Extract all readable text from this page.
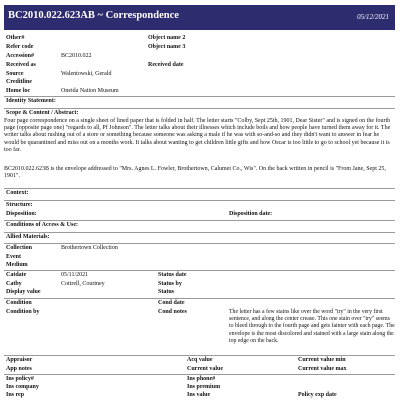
BC2010.022.623AB ~ Correspondence	05/12/2021
Other#	Object name 2
Refer code	Object name 3
Accession#	BC2010.022
Received as	Received date
Source	Walentowski, Gerald
Creditline
Home loc	Oneida Nation Museum
Identity Statement:
Scope & Content / Abstract:
Four page correspondence on a single sheet of lined paper that is folded in half. The letter starts "Colby, Sept 25th, 1901, Dear Sister" and is signed on the fourth page (opposite page one) "regards to all, Pf Johnson". The letter talks about their illnesses which include boils and how people have turned them away for it. The writer talks about rushing out of a store or something because someone was asking a male if he was with so-and-so and they didn't want to answer in fear he would be quarantined and miss out on a months work. It talks about wanting to get children little gifts and how Oscar is too little to go to school yet because it is too far.
BC2010.022.623B is the envelope addressed to "Mrs. Agnes L. Fowler, Brothertown, Calumet Co., Wis". On the back written in pencil is "From Jane, Sept 25, 1901".
Context:
Structure:
Disposition:	Disposition date:
Conditions of Access & Use:
Allied Materials:
Collection	Brothertown Collection
Event
Medium
Catdate	05/11/2021	Status date
Catby	Cottrell, Courtney	Status by
Display value	Status
Condition	Cond date
Condition by	Cond notes	The letter has a few stains like over the word "try" in the very first sentence, and along the center crease. This one stain over "try" seems to bleed through to the fourth page and gets fainter with each page. The envelope is the most discolored and stained with a large stain along the top edge on the back.
Appraisor	Acq value	Current value min
App notes	Current value	Current value max
Ins policy#	Ins phone#
Ins company	Ins premium
Ins rep	Ins value	Policy exp date
